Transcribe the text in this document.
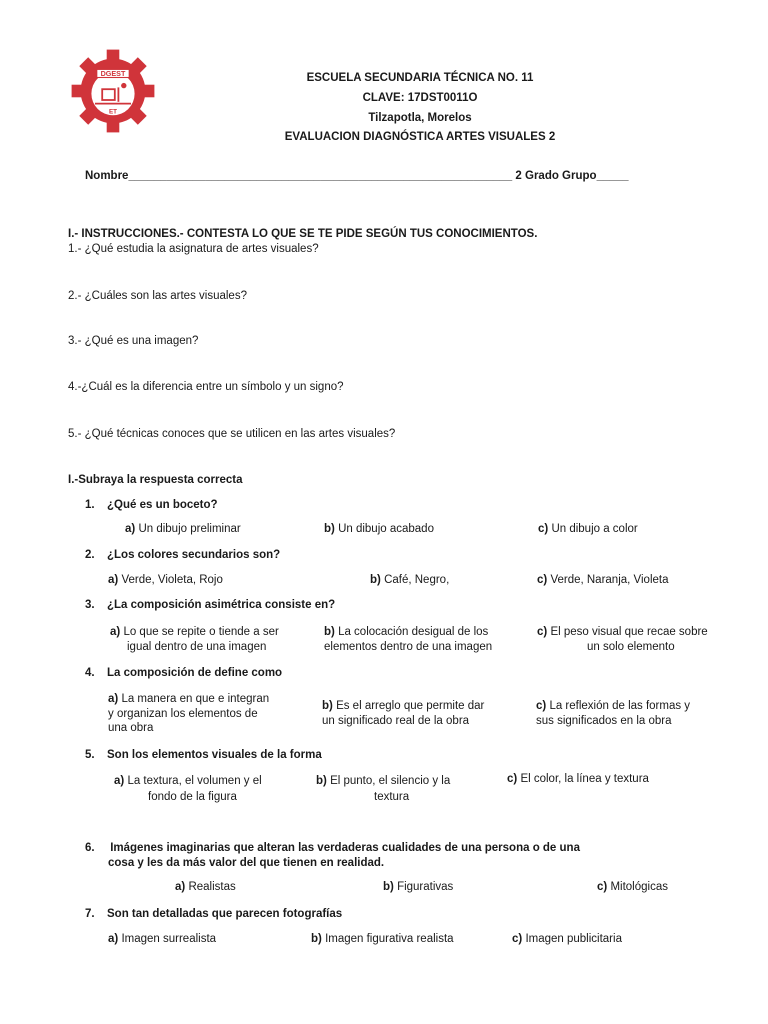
DGEST
ET
ESCUELA SECUNDARIA TÉCNICA NO. 11
CLAVE: 17DST0011O
Tilzapotla, Morelos
EVALUACION DIAGNÓSTICA ARTES VISUALES 2
Nombre____________________________________________________________ 2 Grado Grupo_____
I.- INSTRUCCIONES.- CONTESTA LO QUE SE TE PIDE SEGÚN TUS CONOCIMIENTOS.
1.- ¿Qué estudia la asignatura de artes visuales?
2.- ¿Cuáles son las artes visuales?
3.- ¿Qué es una imagen?
4.-¿Cuál es la diferencia entre un símbolo y un signo?
5.- ¿Qué técnicas conoces que se utilicen en las artes visuales?
I.-Subraya la respuesta correcta
1. ¿Qué es un boceto?
a) Un dibujo preliminar	b) Un dibujo acabado	c) Un dibujo a color
2. ¿Los colores secundarios son?
a) Verde, Violeta, Rojo	b) Café, Negro,	c) Verde, Naranja, Violeta
3. ¿La composición asimétrica consiste en?
a) Lo que se repite o tiende a ser
igual dentro de una imagen
b) La colocación desigual de los
elementos dentro de una imagen
c) El peso visual que recae sobre
un solo elemento
4. La composición de define como
a) La manera en que e integran
y organizan los elementos de
una obra
b) Es el arreglo que permite dar
un significado real de la obra
c) La reflexión de las formas y
sus significados en la obra
5. Son los elementos visuales de la forma
a) La textura, el volumen y el
fondo de la figura
b) El punto, el silencio y la
textura
c) El color, la línea y textura
6. Imágenes imaginarias que alteran las verdaderas cualidades de una persona o de una
cosa y les da más valor del que tienen en realidad.
a) Realistas	b) Figurativas	c) Mitológicas
7. Son tan detalladas que parecen fotografías
a) Imagen surrealista	b) Imagen figurativa realista	c) Imagen publicitaria
